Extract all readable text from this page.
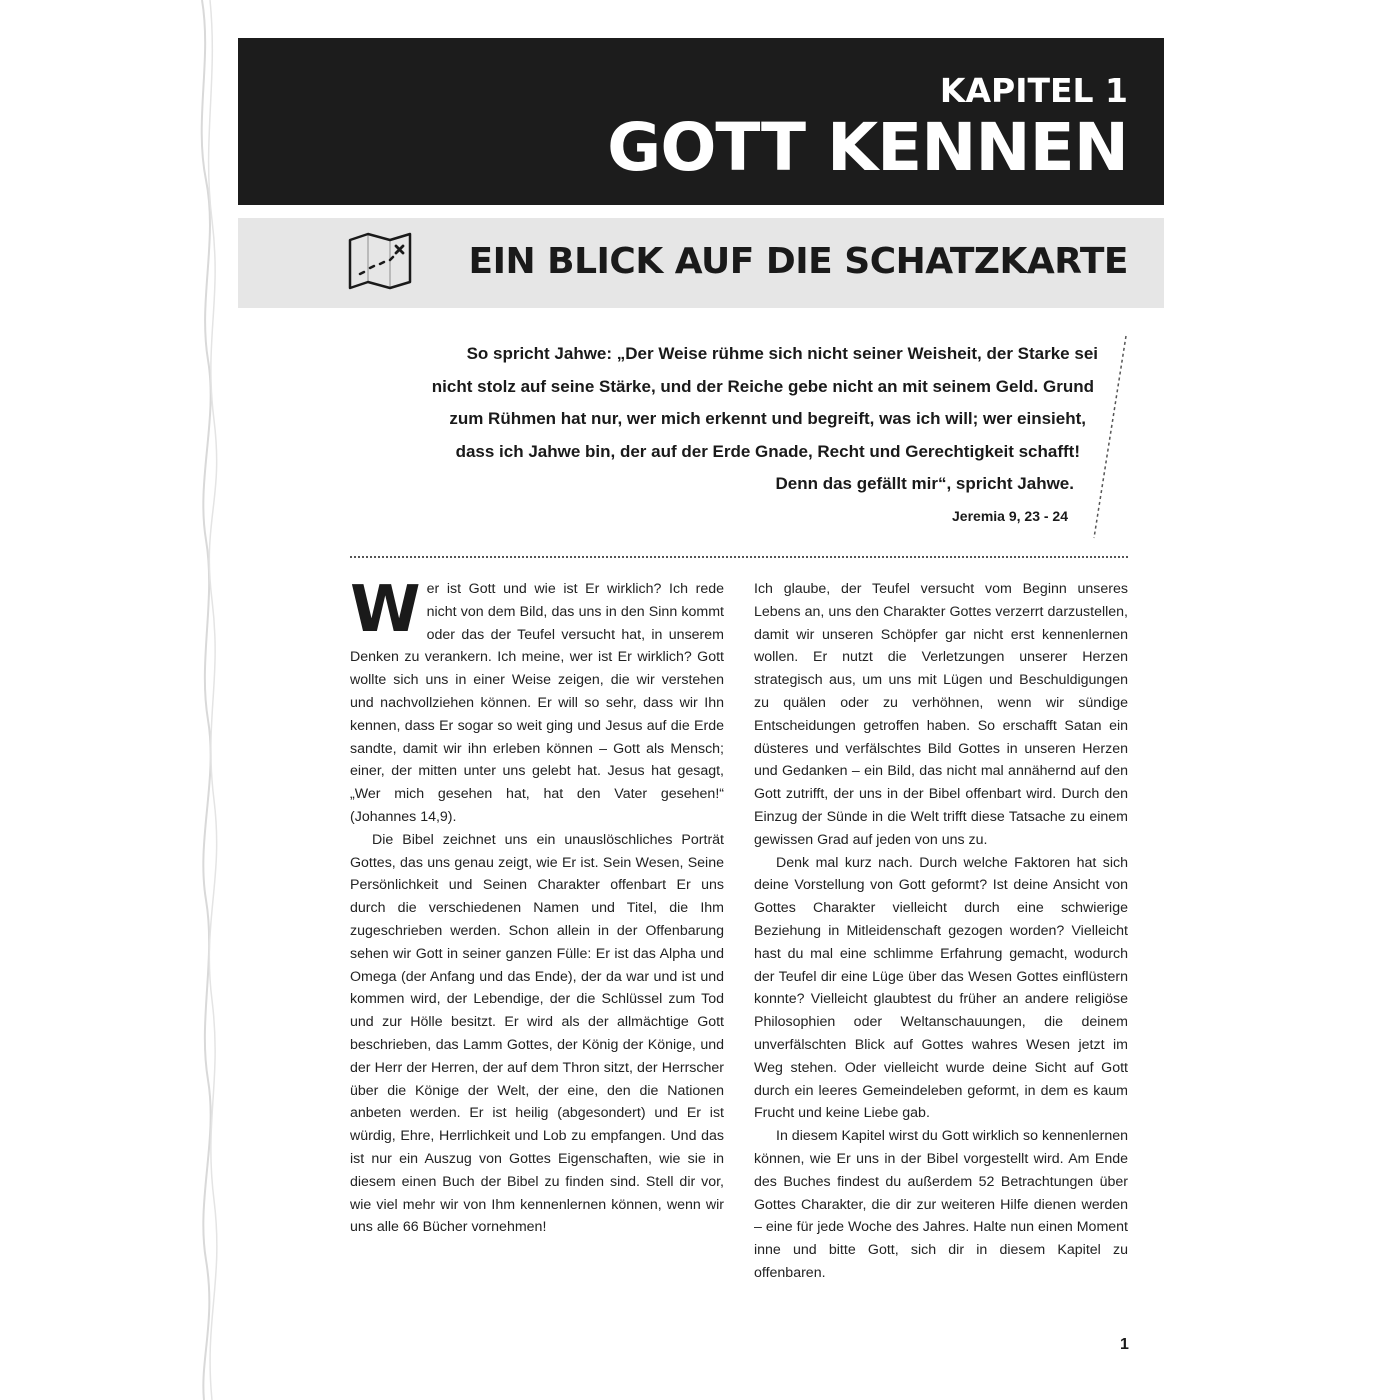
KAPITEL 1
GOTT KENNEN
EIN BLICK AUF DIE SCHATZKARTE
So spricht Jahwe: „Der Weise rühme sich nicht seiner Weisheit, der Starke sei
nicht stolz auf seine Stärke, und der Reiche gebe nicht an mit seinem Geld. Grund
zum Rühmen hat nur, wer mich erkennt und begreift, was ich will; wer einsieht,
dass ich Jahwe bin, der auf der Erde Gnade, Recht und Gerechtigkeit schafft!
Denn das gefällt mir“, spricht Jahwe.
Jeremia 9, 23 - 24

Wer ist Gott und wie ist Er wirklich? Ich rede nicht von dem Bild, das uns in den Sinn kommt oder das der Teufel versucht hat, in unserem Denken zu verankern. Ich meine, wer ist Er wirklich? Gott wollte sich uns in einer Weise zeigen, die wir verstehen und nachvollziehen können. Er will so sehr, dass wir Ihn kennen, dass Er sogar so weit ging und Jesus auf die Erde sandte, damit wir ihn erleben können – Gott als Mensch; einer, der mitten unter uns gelebt hat. Jesus hat gesagt, „Wer mich gesehen hat, hat den Vater gesehen!“ (Johannes 14,9).

Die Bibel zeichnet uns ein unauslöschliches Porträt Gottes, das uns genau zeigt, wie Er ist. Sein Wesen, Seine Persönlichkeit und Seinen Charakter offenbart Er uns durch die verschiedenen Namen und Titel, die Ihm zugeschrieben werden. Schon allein in der Offenbarung sehen wir Gott in seiner ganzen Fülle: Er ist das Alpha und Omega (der Anfang und das Ende), der da war und ist und kommen wird, der Lebendige, der die Schlüssel zum Tod und zur Hölle besitzt. Er wird als der allmächtige Gott beschrieben, das Lamm Gottes, der König der Könige, und der Herr der Herren, der auf dem Thron sitzt, der Herrscher über die Könige der Welt, der eine, den die Nationen anbeten werden. Er ist heilig (abgesondert) und Er ist würdig, Ehre, Herrlichkeit und Lob zu empfangen. Und das ist nur ein Auszug von Gottes Eigenschaften, wie sie in diesem einen Buch der Bibel zu finden sind. Stell dir vor, wie viel mehr wir von Ihm kennenlernen können, wenn wir uns alle 66 Bücher vornehmen!

Ich glaube, der Teufel versucht vom Beginn unseres Lebens an, uns den Charakter Gottes verzerrt darzustellen, damit wir unseren Schöpfer gar nicht erst kennenlernen wollen. Er nutzt die Verletzungen unserer Herzen strategisch aus, um uns mit Lügen und Beschuldigungen zu quälen oder zu verhöhnen, wenn wir sündige Entscheidungen getroffen haben. So erschafft Satan ein düsteres und verfälschtes Bild Gottes in unseren Herzen und Gedanken – ein Bild, das nicht mal annähernd auf den Gott zutrifft, der uns in der Bibel offenbart wird. Durch den Einzug der Sünde in die Welt trifft diese Tatsache zu einem gewissen Grad auf jeden von uns zu.

Denk mal kurz nach. Durch welche Faktoren hat sich deine Vorstellung von Gott geformt? Ist deine Ansicht von Gottes Charakter vielleicht durch eine schwierige Beziehung in Mitleidenschaft gezogen worden? Vielleicht hast du mal eine schlimme Erfahrung gemacht, wodurch der Teufel dir eine Lüge über das Wesen Gottes einflüstern konnte? Vielleicht glaubtest du früher an andere religiöse Philosophien oder Weltanschauungen, die deinem unverfälschten Blick auf Gottes wahres Wesen jetzt im Weg stehen. Oder vielleicht wurde deine Sicht auf Gott durch ein leeres Gemeindeleben geformt, in dem es kaum Frucht und keine Liebe gab.

In diesem Kapitel wirst du Gott wirklich so kennenlernen können, wie Er uns in der Bibel vorgestellt wird. Am Ende des Buches findest du außerdem 52 Betrachtungen über Gottes Charakter, die dir zur weiteren Hilfe dienen werden – eine für jede Woche des Jahres. Halte nun einen Moment inne und bitte Gott, sich dir in diesem Kapitel zu offenbaren.

1
